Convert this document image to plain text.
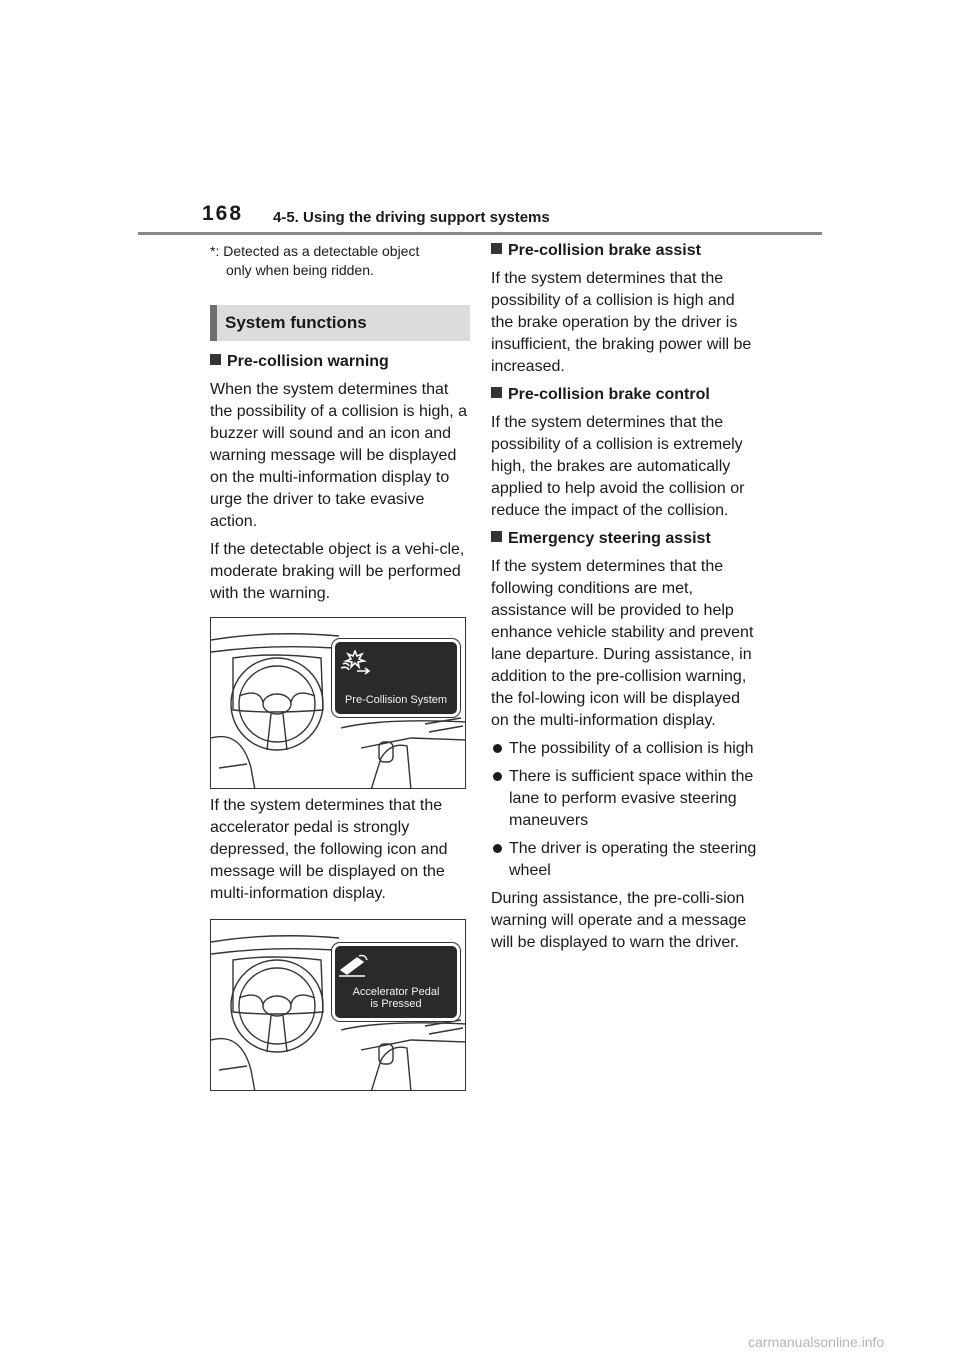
168 4-5. Using the driving support systems
*: Detected as a detectable object
only when being ridden.
System functions

Pre-collision warning

When the system determines that the possibility of a collision is high, a buzzer will sound and an icon and warning message will be displayed on the multi-information display to urge the driver to take evasive action.

If the detectable object is a vehi-cle, moderate braking will be performed with the warning.

Pre-Collision System

If the system determines that the accelerator pedal is strongly depressed, the following icon and message will be displayed on the multi-information display.

Accelerator Pedal
is Pressed

Pre-collision brake assist

If the system determines that the possibility of a collision is high and the brake operation by the driver is insufficient, the braking power will be increased.

Pre-collision brake control

If the system determines that the possibility of a collision is extremely high, the brakes are automatically applied to help avoid the collision or reduce the impact of the collision.

Emergency steering assist

If the system determines that the following conditions are met, assistance will be provided to help enhance vehicle stability and prevent lane departure. During assistance, in addition to the pre-collision warning, the fol-lowing icon will be displayed on the multi-information display.

The possibility of a collision is high
There is sufficient space within the lane to perform evasive steering maneuvers
The driver is operating the steering wheel

During assistance, the pre-colli-sion warning will operate and a message will be displayed to warn the driver.

carmanualsonline.info
